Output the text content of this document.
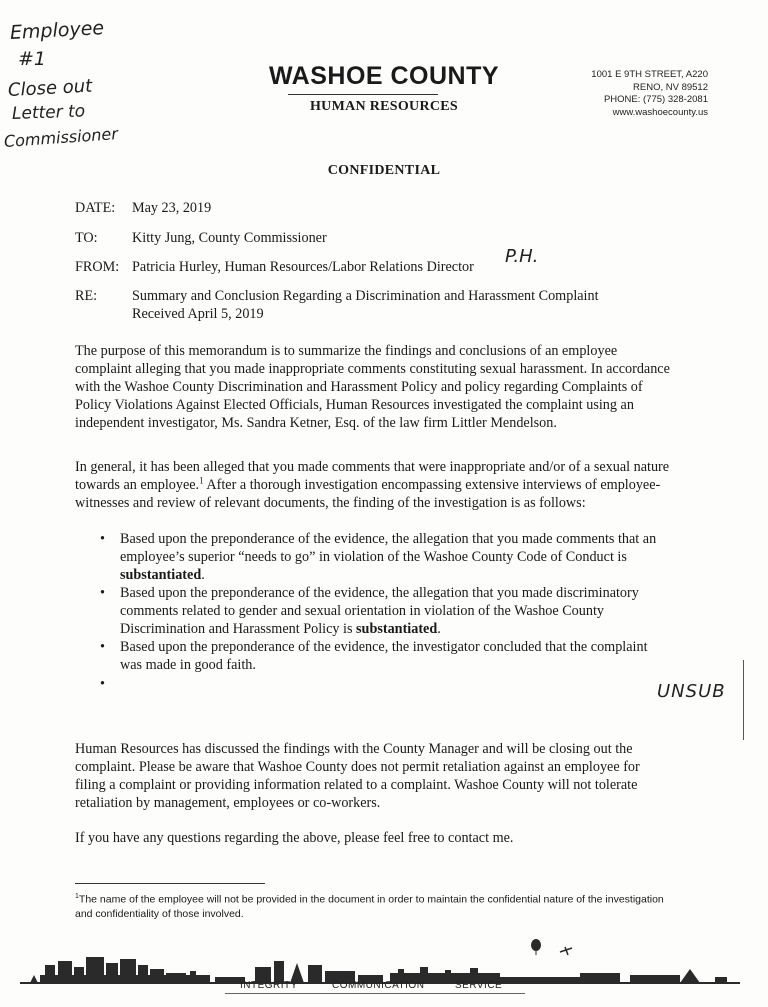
Employee
#1
Close out
Letter to
Commissioner
WASHOE COUNTY
HUMAN RESOURCES
1001 E 9TH STREET, A220
RENO, NV 89512
PHONE: (775) 328-2081
www.washoecounty.us
CONFIDENTIAL
DATE: May 23, 2019
TO: Kitty Jung, County Commissioner
FROM: Patricia Hurley, Human Resources/Labor Relations Director	P.H.
RE: Summary and Conclusion Regarding a Discrimination and Harassment Complaint
Received April 5, 2019
The purpose of this memorandum is to summarize the findings and conclusions of an employee complaint alleging that you made inappropriate comments constituting sexual harassment. In accordance with the Washoe County Discrimination and Harassment Policy and policy regarding Complaints of Policy Violations Against Elected Officials, Human Resources investigated the complaint using an independent investigator, Ms. Sandra Ketner, Esq. of the law firm Littler Mendelson.
In general, it has been alleged that you made comments that were inappropriate and/or of a sexual nature towards an employee.$^1$ After a thorough investigation encompassing extensive interviews of employee-witnesses and review of relevant documents, the finding of the investigation is as follows:
• Based upon the preponderance of the evidence, the allegation that you made comments that an employee’s superior “needs to go” in violation of the Washoe County Code of Conduct is substantiated.
• Based upon the preponderance of the evidence, the allegation that you made discriminatory comments related to gender and sexual orientation in violation of the Washoe County Discrimination and Harassment Policy is substantiated.
• Based upon the preponderance of the evidence, the investigator concluded that the complaint was made in good faith.
•	UNSUB
Human Resources has discussed the findings with the County Manager and will be closing out the complaint. Please be aware that Washoe County does not permit retaliation against an employee for filing a complaint or providing information related to a complaint. Washoe County will not tolerate retaliation by management, employees or co-workers.
If you have any questions regarding the above, please feel free to contact me.
$^1$The name of the employee will not be provided in the document in order to maintain the confidential nature of the investigation and confidentiality of those involved.
INTEGRITY	COMMUNICATION	SERVICE
